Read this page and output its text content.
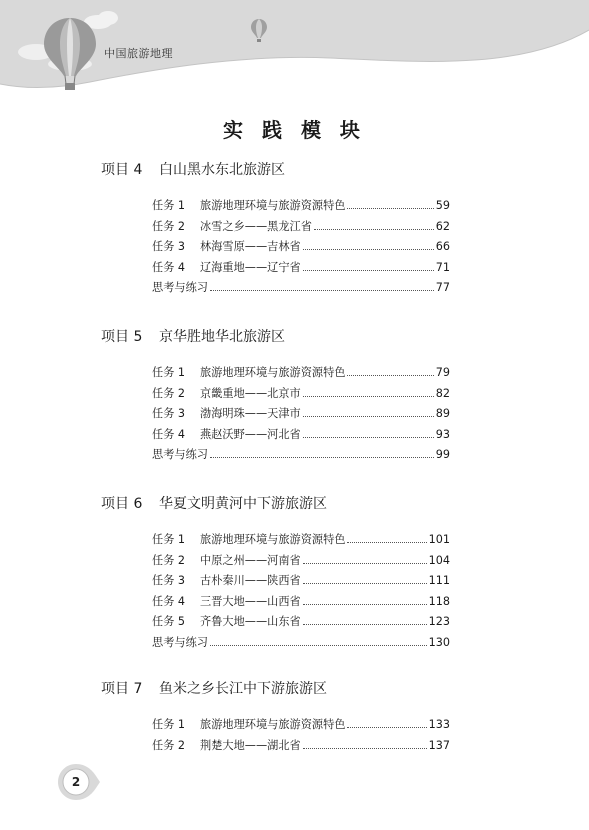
中国旅游地理
实 践 模 块
项目 4 白山黑水东北旅游区
任务 1	旅游地理环境与旅游资源特色	59
任务 2	冰雪之乡——黑龙江省	62
任务 3	林海雪原——吉林省	66
任务 4	辽海重地——辽宁省	71
思考与练习	77
项目 5 京华胜地华北旅游区
任务 1	旅游地理环境与旅游资源特色	79
任务 2	京畿重地——北京市	82
任务 3	渤海明珠——天津市	89
任务 4	燕赵沃野——河北省	93
思考与练习	99
项目 6 华夏文明黄河中下游旅游区
任务 1	旅游地理环境与旅游资源特色	101
任务 2	中原之州——河南省	104
任务 3	古朴秦川——陕西省	111
任务 4	三晋大地——山西省	118
任务 5	齐鲁大地——山东省	123
思考与练习	130
项目 7 鱼米之乡长江中下游旅游区
任务 1	旅游地理环境与旅游资源特色	133
任务 2	荆楚大地——湖北省	137
2
